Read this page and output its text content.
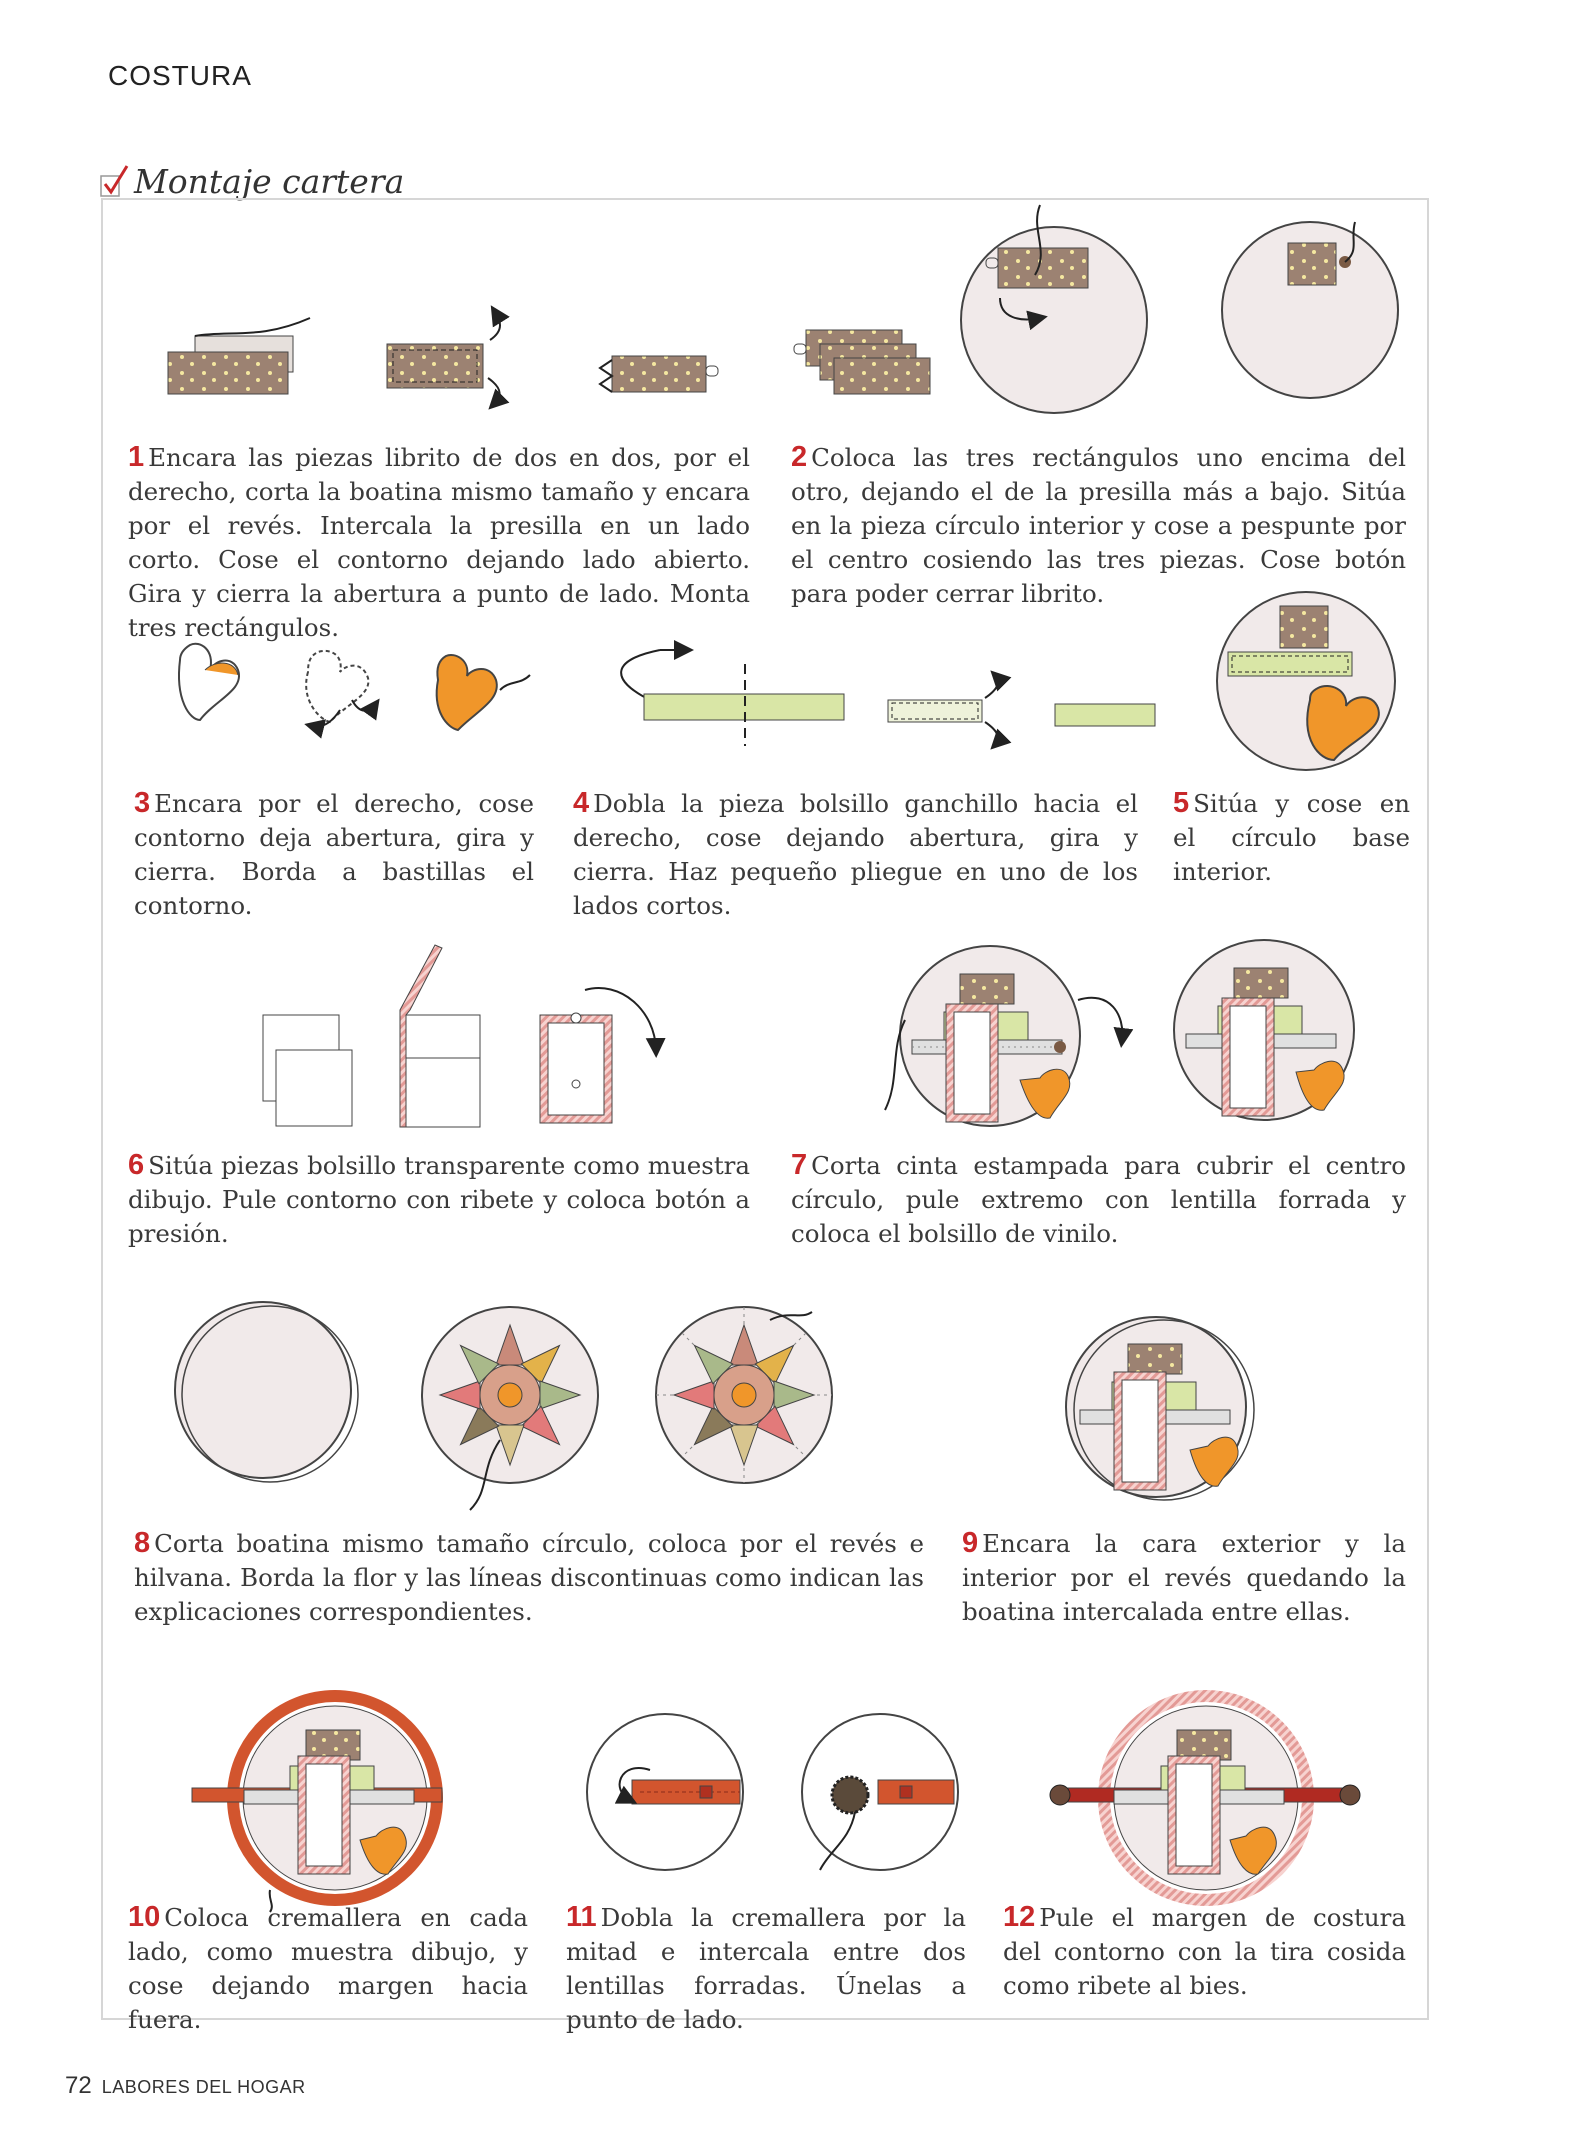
COSTURA
Montaje cartera
1 Encara las piezas librito de dos en dos, por el derecho, corta la boatina mismo tamaño y encara por el revés. Intercala la presilla en un lado corto. Cose el contorno dejando lado abierto. Gira y cierra la abertura a punto de lado. Monta tres rectángulos.
2 Coloca las tres rectángulos uno encima del otro, dejando el de la presilla más a bajo. Sitúa en la pieza círculo interior y cose a pespunte por el centro cosiendo las tres piezas. Cose botón para poder cerrar librito.
3 Encara por el derecho, cose contorno deja abertura, gira y cierra. Borda a bastillas el contorno.
4 Dobla la pieza bolsillo ganchillo hacia el derecho, cose dejando abertura, gira y cierra. Haz pequeño pliegue en uno de los lados cortos.
5 Sitúa y cose en el círculo base interior.
6 Sitúa piezas bolsillo transparente como muestra dibujo. Pule contorno con ribete y coloca botón a presión.
7 Corta cinta estampada para cubrir el centro círculo, pule extremo con lentilla forrada y coloca el bolsillo de vinilo.
8 Corta boatina mismo tamaño círculo, coloca por el revés e hilvana. Borda la flor y las líneas discontinuas como indican las explicaciones correspondientes.
9 Encara la cara exterior y la interior por el revés quedando la boatina intercalada entre ellas.
10 Coloca cremallera en cada lado, como muestra dibujo, y cose dejando margen hacia fuera.
11 Dobla la cremallera por la mitad e intercala entre dos lentillas forradas. Únelas a punto de lado.
12 Pule el margen de costura del contorno con la tira cosida como ribete al bies.
72 LABORES DEL HOGAR
